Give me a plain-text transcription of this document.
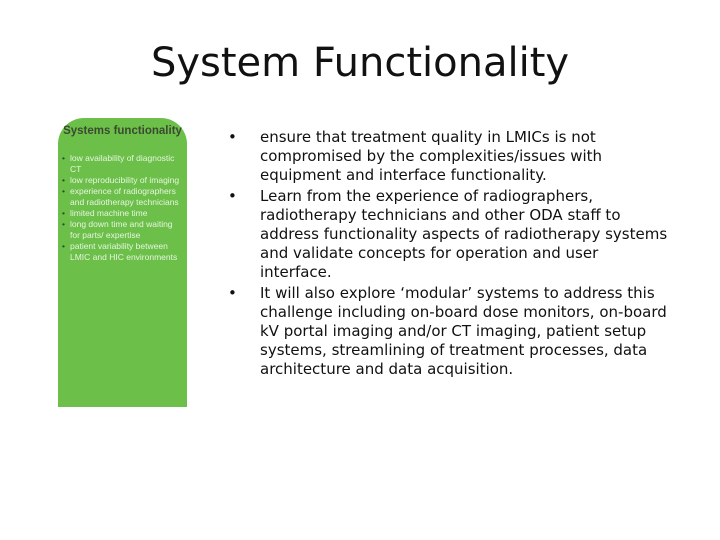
System Functionality
Systems functionality
• low availability of diagnostic CT
• low reproducibility of imaging
• experience of radiographers and radiotherapy technicians
• limited machine time
• long down time and waiting for parts/ expertise
• patient variability between LMIC and HIC environments
• ensure that treatment quality in LMICs is not compromised by the complexities/issues with equipment and interface functionality.
• Learn from the experience of radiographers, radiotherapy technicians and other ODA staff to address functionality aspects of radiotherapy systems and validate concepts for operation and user interface.
• It will also explore ‘modular’ systems to address this challenge including on-board dose monitors, on-board kV portal imaging and/or CT imaging, patient setup systems, streamlining of treatment processes, data architecture and data acquisition.
